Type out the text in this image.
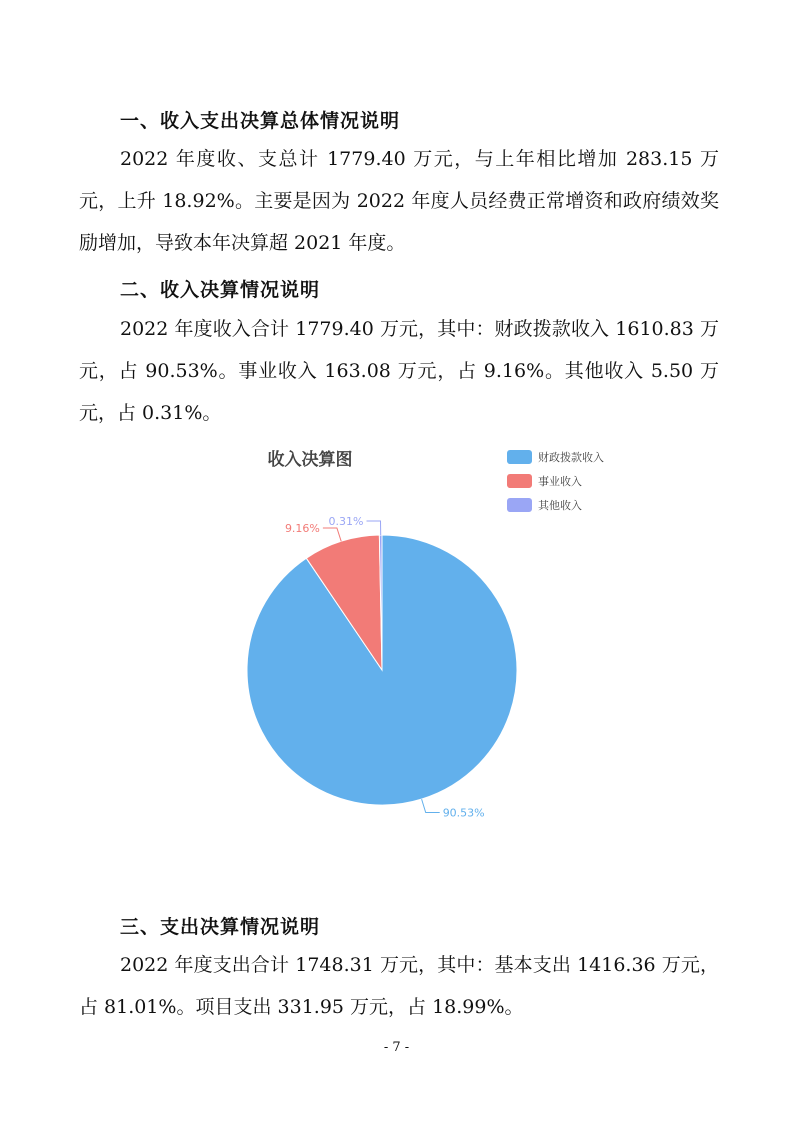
一、收入支出决算总体情况说明

2022 年度收、支总计 1779.40 万元，与上年相比增加 283.15 万元，上升 18.92%。主要是因为 2022 年度人员经费正常增资和政府绩效奖励增加，导致本年决算超 2021 年度。

二、收入决算情况说明

2022 年度收入合计 1779.40 万元，其中：财政拨款收入 1610.83 万元，占 90.53%。事业收入 163.08 万元，占 9.16%。其他收入 5.50 万元，占 0.31%。

收入决算图	财政拨款收入
事业收入
其他收入
90.53%
9.16%
0.31%
三、支出决算情况说明

2022 年度支出合计 1748.31 万元，其中：基本支出 1416.36 万元，占 81.01%。项目支出 331.95 万元，占 18.99%。

- 7 -
